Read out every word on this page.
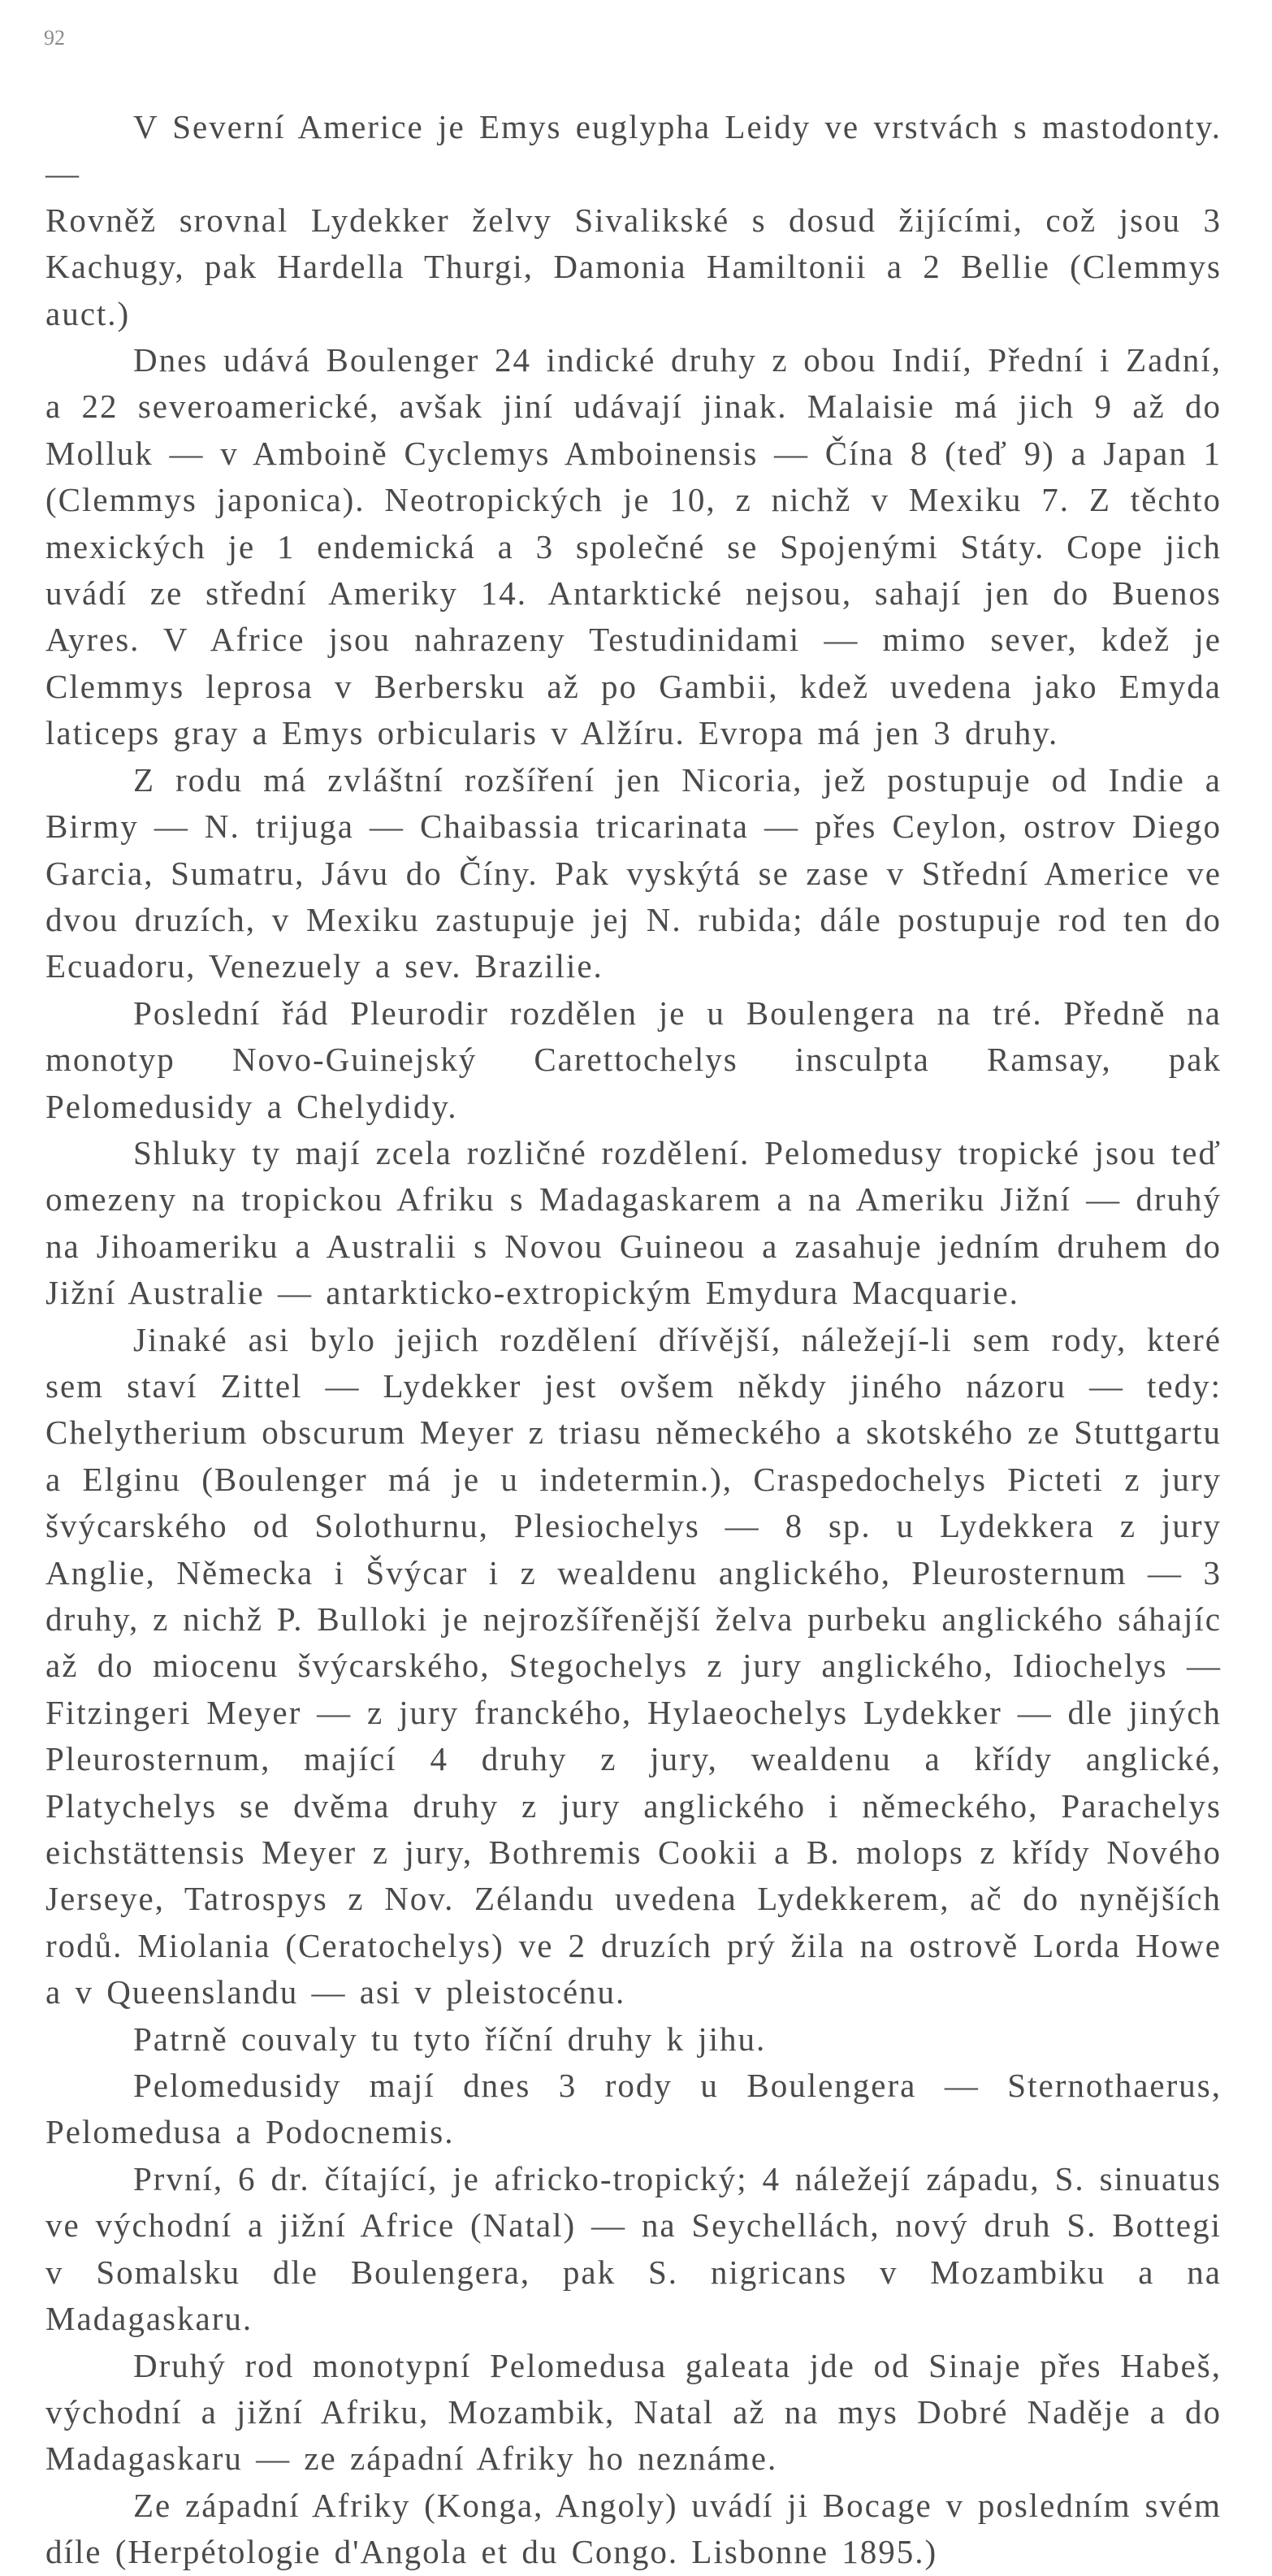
92

V Severní Americe je Emys euglypha Leidy ve vrstvách s mastodonty. —

Rovněž srovnal Lydekker želvy Sivalikské s dosud žijícími, což jsou 3 Kachugy, pak Hardella Thurgi, Damonia Hamiltonii a 2 Bellie (Clemmys auct.)

Dnes udává Boulenger 24 indické druhy z obou Indií, Přední i Zadní, a 22 severoamerické, avšak jiní udávají jinak. Malaisie má jich 9 až do Molluk — v Amboině Cyclemys Amboinensis — Čína 8 (teď 9) a Japan 1 (Clemmys japonica). Neotropických je 10, z nichž v Mexiku 7. Z těchto mexických je 1 endemická a 3 společné se Spojenými Státy. Cope jich uvádí ze střední Ameriky 14. Antarktické nejsou, sahají jen do Buenos Ayres. V Africe jsou nahrazeny Testudinidami — mimo sever, kdež je Clemmys leprosa v Berbersku až po Gambii, kdež uvedena jako Emyda laticeps gray a Emys orbicularis v Alžíru. Evropa má jen 3 druhy.

Z rodu má zvláštní rozšíření jen Nicoria, jež postupuje od Indie a Birmy — N. trijuga — Chaibassia tricarinata — přes Ceylon, ostrov Diego Garcia, Sumatru, Jávu do Číny. Pak vyskýtá se zase v Střední Americe ve dvou druzích, v Mexiku zastupuje jej N. rubida; dále postupuje rod ten do Ecuadoru, Venezuely a sev. Brazilie.

Poslední řád Pleurodir rozdělen je u Boulengera na tré. Předně na monotyp Novo-Guinejský Carettochelys insculpta Ramsay, pak Pelomedusidy a Chelydidy.

Shluky ty mají zcela rozličné rozdělení. Pelomedusy tropické jsou teď omezeny na tropickou Afriku s Madagaskarem a na Ameriku Jižní — druhý na Jihoameriku a Australii s Novou Guineou a zasahuje jedním druhem do Jižní Australie — antarkticko-extropickým Emydura Macquarie.

Jinaké asi bylo jejich rozdělení dřívější, náležejí-li sem rody, které sem staví Zittel — Lydekker jest ovšem někdy jiného názoru — tedy: Chelytherium obscurum Meyer z triasu německého a skotského ze Stuttgartu a Elginu (Boulenger má je u indetermin.), Craspedochelys Picteti z jury švýcarského od Solothurnu, Plesiochelys — 8 sp. u Lydekkera z jury Anglie, Německa i Švýcar i z wealdenu anglického, Pleurosternum — 3 druhy, z nichž P. Bulloki je nejrozšířenější želva purbeku anglického sáhajíc až do miocenu švýcarského, Stegochelys z jury anglického, Idiochelys — Fitzingeri Meyer — z jury franckého, Hylaeochelys Lydekker — dle jiných Pleurosternum, mající 4 druhy z jury, wealdenu a křídy anglické, Platychelys se dvěma druhy z jury anglického i německého, Parachelys eichstättensis Meyer z jury, Bothremis Cookii a B. molops z křídy Nového Jerseye, Tatrospys z Nov. Zélandu uvedena Lydekkerem, ač do nynějších rodů. Miolania (Ceratochelys) ve 2 druzích prý žila na ostrově Lorda Howe a v Queenslandu — asi v pleistocénu.

Patrně couvaly tu tyto říční druhy k jihu.

Pelomedusidy mají dnes 3 rody u Boulengera — Sternothaerus, Pelomedusa a Podocnemis.

První, 6 dr. čítající, je africko-tropický; 4 náležejí západu, S. sinuatus ve východní a jižní Africe (Natal) — na Seychellách, nový druh S. Bottegi v Somalsku dle Boulengera, pak S. nigricans v Mozambiku a na Madagaskaru.

Druhý rod monotypní Pelomedusa galeata jde od Sinaje přes Habeš, východní a jižní Afriku, Mozambik, Natal až na mys Dobré Naděje a do Madagaskaru — ze západní Afriky ho neznáme.

Ze západní Afriky (Konga, Angoly) uvádí ji Bocage v posledním svém díle (Herpétologie d'Angola et du Congo. Lisbonne 1895.)
